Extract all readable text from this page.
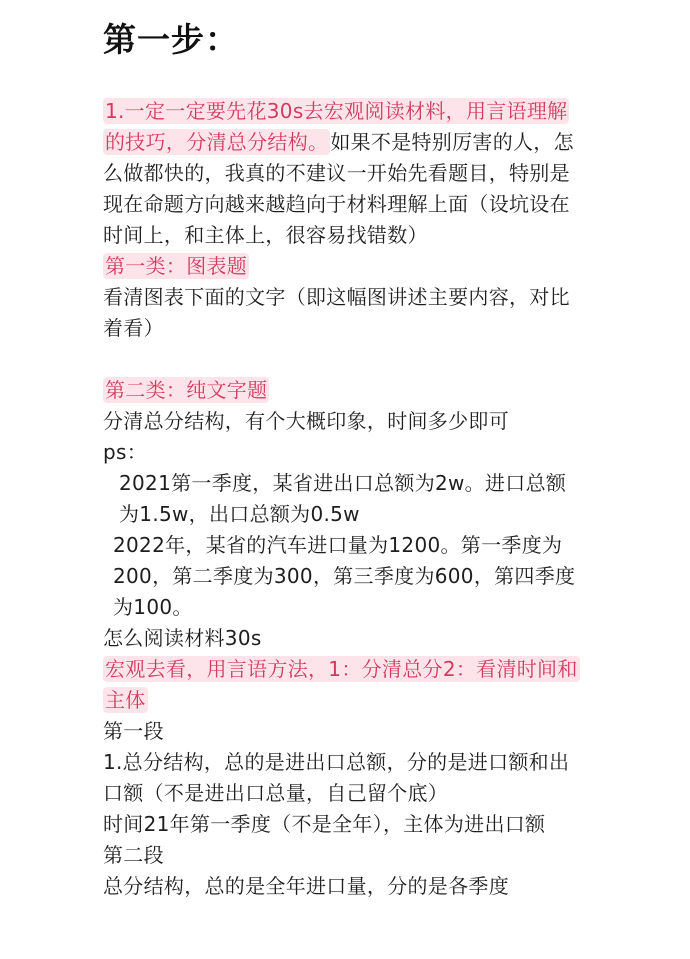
第一步：

1.一定一定要先花30s去宏观阅读材料，用言语理解的技巧，分清总分结构。 如果不是特别厉害的人，怎么做都快的，我真的不建议一开始先看题目，特别是现在命题方向越来越趋向于材料理解上面（设坑设在时间上，和主体上，很容易找错数）

第一类：图表题

看清图表下面的文字（即这幅图讲述主要内容，对比着看）

第二类：纯文字题

分清总分结构，有个大概印象，时间多少即可

ps：

2021第一季度，某省进出口总额为2w。进口总额为1.5w，出口总额为0.5w

2022年，某省的汽车进口量为1200。第一季度为200，第二季度为300，第三季度为600，第四季度为100。

怎么阅读材料30s

宏观去看，用言语方法，1：分清总分2：看清时间和主体

第一段

1.总分结构，总的是进出口总额，分的是进口额和出口额（不是进出口总量，自己留个底）

时间21年第一季度（不是全年），主体为进出口额

第二段

总分结构，总的是全年进口量，分的是各季度
